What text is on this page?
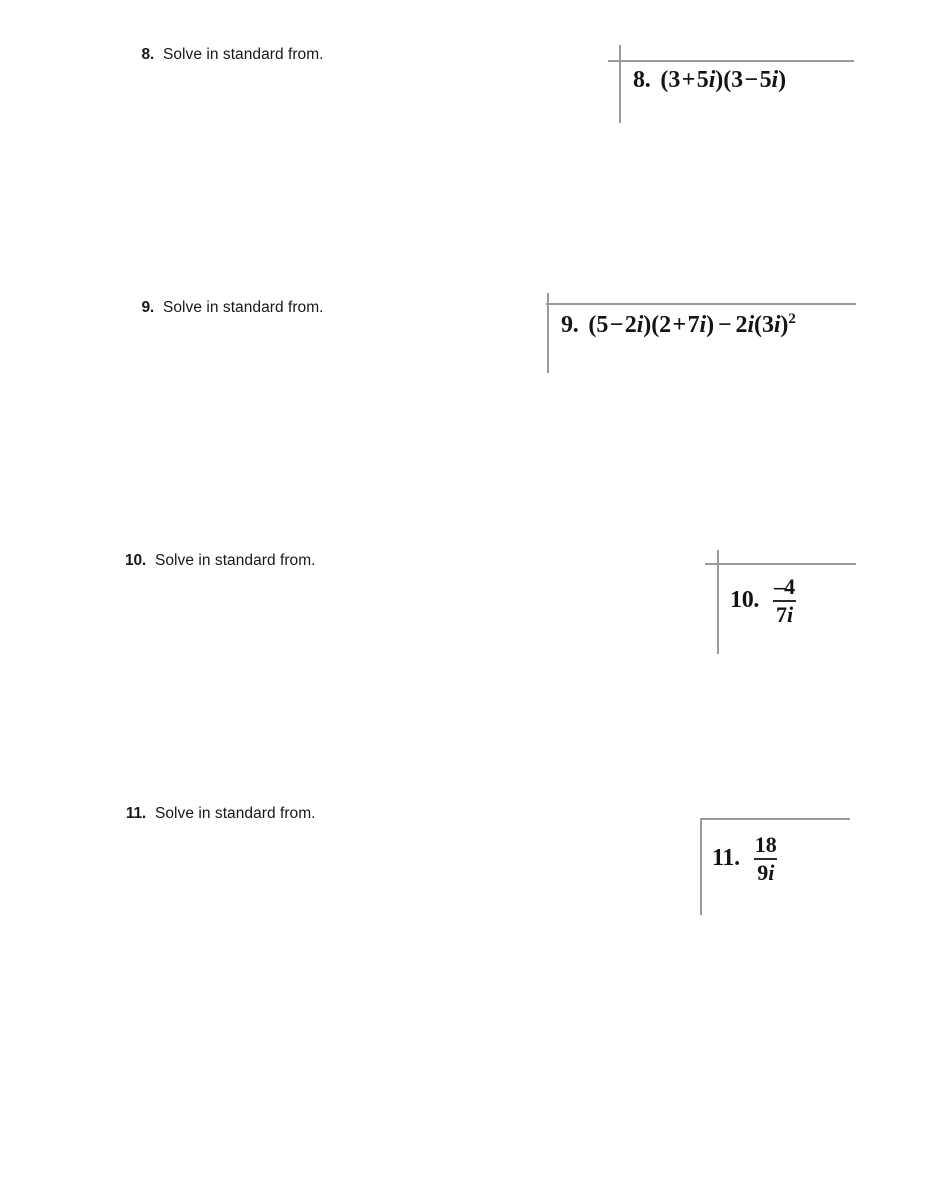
8. Solve in standard from.
8. (3+5i)(3−5i)
9. Solve in standard from.
9. $(5-2i)(2+7i) - 2i(3i)^2$
10. Solve in standard from.
10. $\frac{-4}{7i}$
11. Solve in standard from.
11. $\frac{18}{9i}$
